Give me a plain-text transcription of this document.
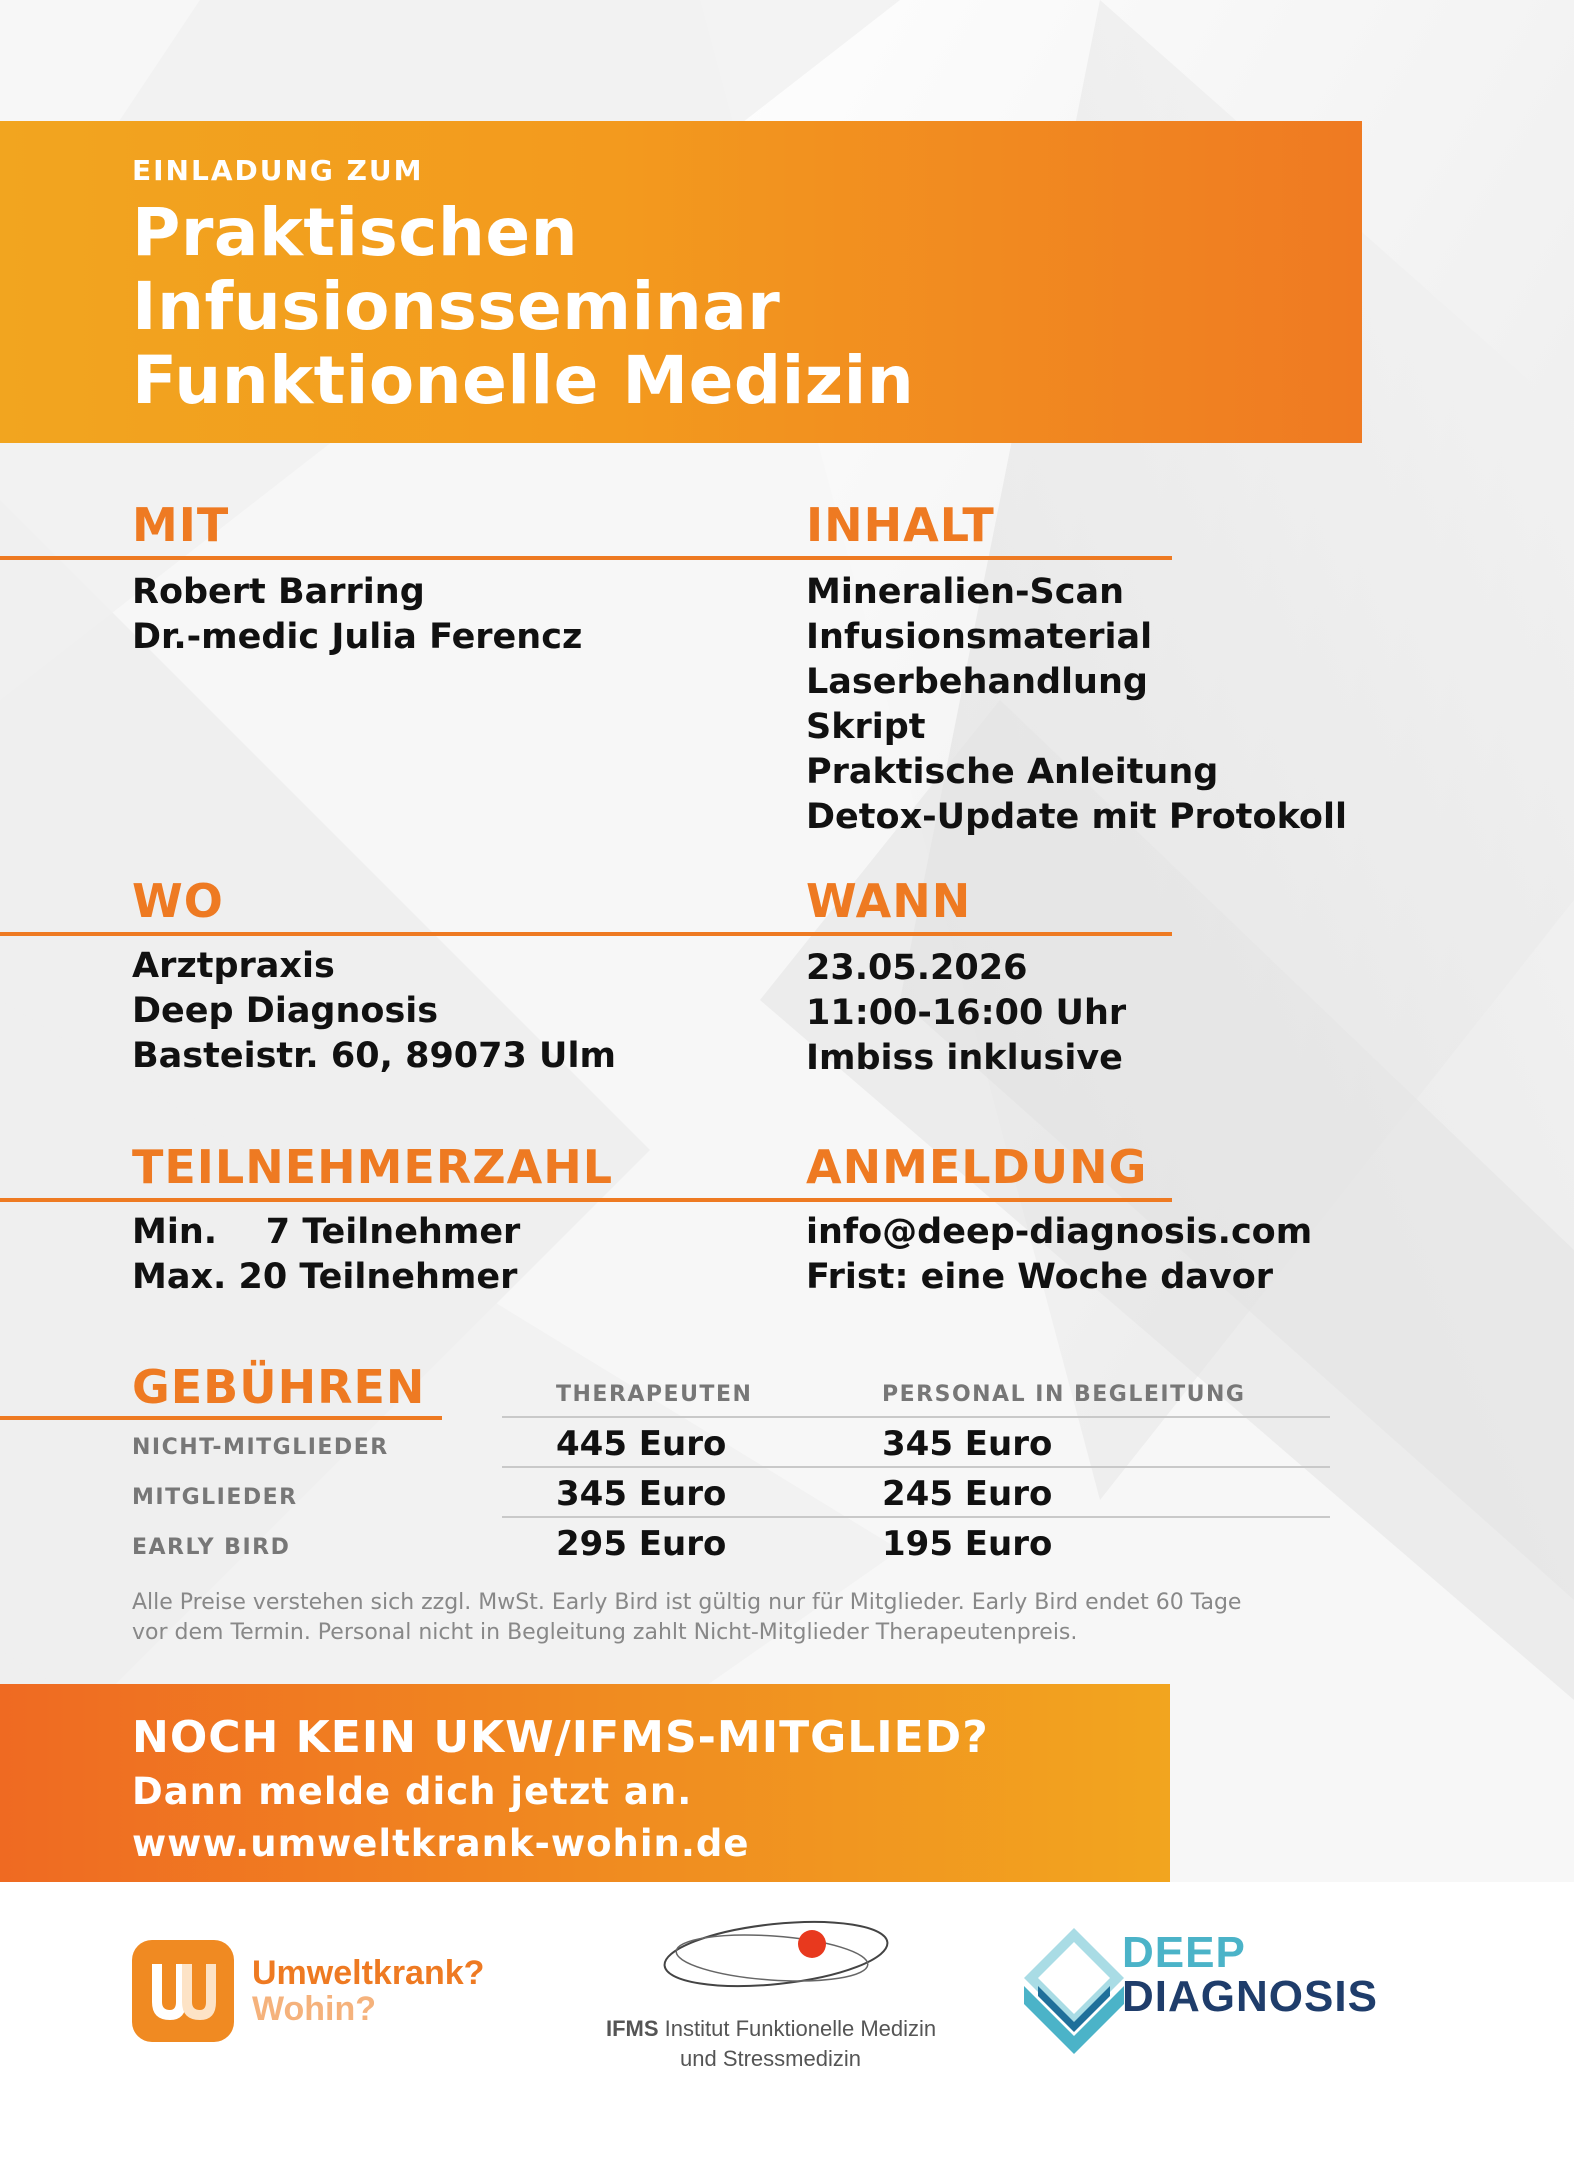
EINLADUNG ZUM
Praktischen
Infusionsseminar
Funktionelle Medizin
MIT
Robert Barring
Dr.-medic Julia Ferencz
INHALT
Mineralien-Scan
Infusionsmaterial
Laserbehandlung
Skript
Praktische Anleitung
Detox-Update mit Protokoll
WO
Arztpraxis
Deep Diagnosis
Basteistr. 60, 89073 Ulm
WANN
23.05.2026
11:00-16:00 Uhr
Imbiss inklusive
TEILNEHMERZAHL
Min.    7 Teilnehmer
Max. 20 Teilnehmer
ANMELDUNG
info@deep-diagnosis.com
Frist: eine Woche davor
GEBÜHREN	THERAPEUTEN	PERSONAL IN BEGLEITUNG
NICHT-MITGLIEDER	445 Euro	345 Euro
MITGLIEDER	345 Euro	245 Euro
EARLY BIRD	295 Euro	195 Euro
Alle Preise verstehen sich zzgl. MwSt. Early Bird ist gültig nur für Mitglieder. Early Bird endet 60 Tage
vor dem Termin. Personal nicht in Begleitung zahlt Nicht-Mitglieder Therapeutenpreis.
NOCH KEIN UKW/IFMS-MITGLIED?
Dann melde dich jetzt an.
www.umweltkrank-wohin.de
Umweltkrank?
Wohin?
IFMS Institut Funktionelle Medizin
und Stressmedizin
DEEP
DIAGNOSIS
